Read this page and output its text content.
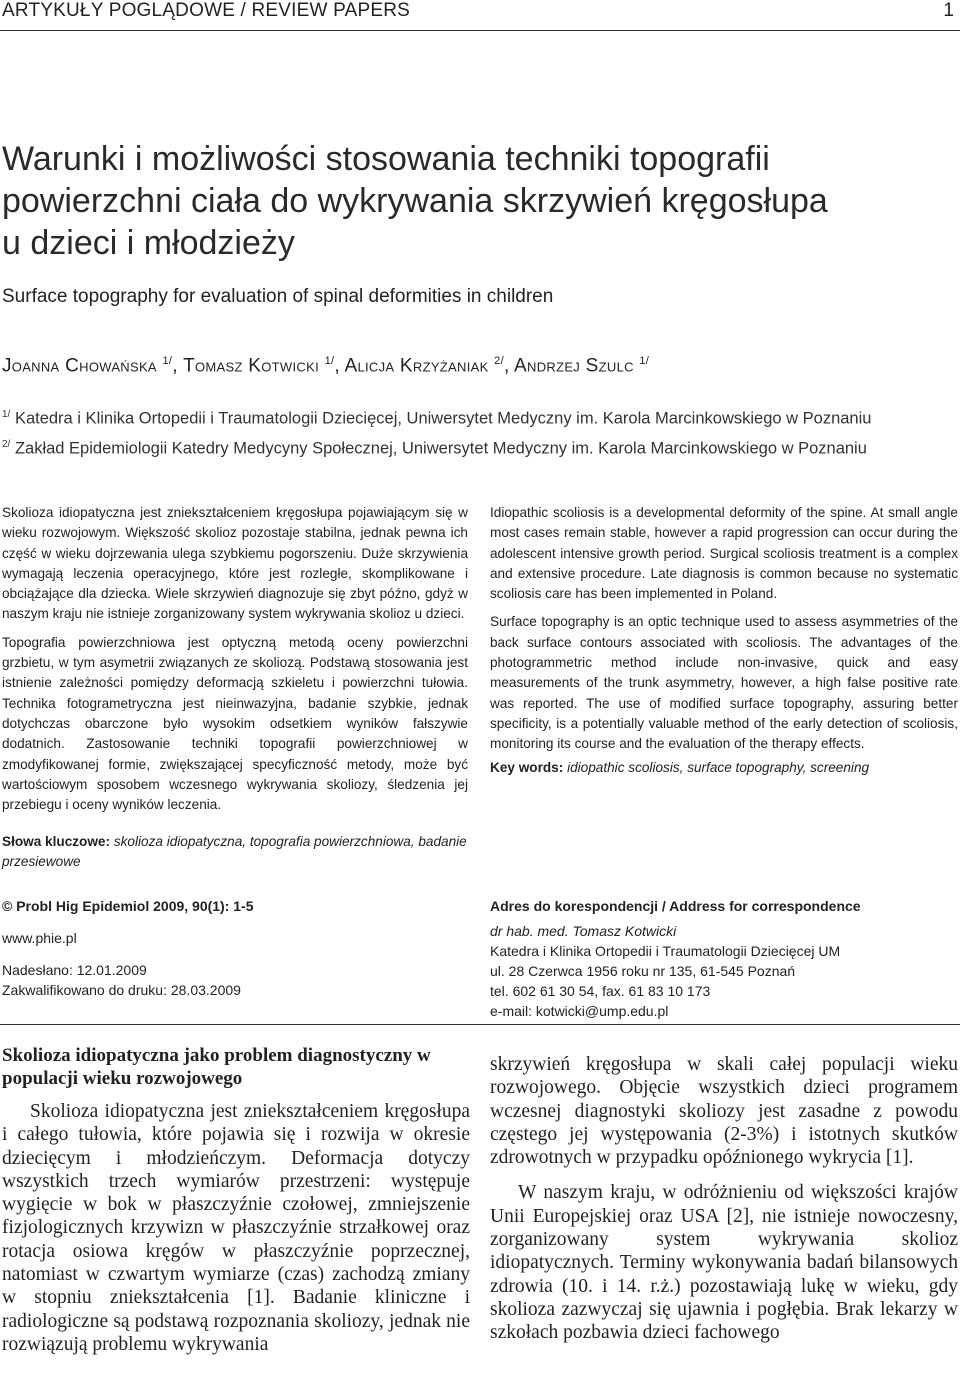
ARTYKUŁY POGLĄDOWE / REVIEW PAPERS	1
Warunki i możliwości stosowania techniki topografii
powierzchni ciała do wykrywania skrzywień kręgosłupa
u dzieci i młodzieży
Surface topography for evaluation of spinal deformities in children
Joanna Chowańska $^{1/}$, Tomasz Kotwicki $^{1/}$, Alicja Krzyżaniak $^{2/}$, Andrzej Szulc $^{1/}$
$^{1/}$ Katedra i Klinika Ortopedii i Traumatologii Dziecięcej, Uniwersytet Medyczny im. Karola Marcinkowskiego w Poznaniu
$^{2/}$ Zakład Epidemiologii Katedry Medycyny Społecznej, Uniwersytet Medyczny im. Karola Marcinkowskiego w Poznaniu

Skolioza idiopatyczna jest zniekształceniem kręgosłupa pojawiającym się w wieku rozwojowym. Większość skolioz pozostaje stabilna, jednak pewna ich część w wieku dojrzewania ulega szybkiemu pogorszeniu. Duże skrzywienia wymagają leczenia operacyjnego, które jest rozległe, skomplikowane i obciążające dla dziecka. Wiele skrzywień diagnozuje się zbyt późno, gdyż w naszym kraju nie istnieje zorganizowany system wykrywania skolioz u dzieci.

Topografia powierzchniowa jest optyczną metodą oceny powierzchni grzbietu, w tym asymetrii związanych ze skoliozą. Podstawą stosowania jest istnienie zależności pomiędzy deformacją szkieletu i powierzchni tułowia. Technika fotogrametryczna jest nieinwazyjna, badanie szybkie, jednak dotychczas obarczone było wysokim odsetkiem wyników fałszywie dodatnich. Zastosowanie techniki topografii powierzchniowej w zmodyfikowanej formie, zwiększającej specyficzność metody, może być wartościowym sposobem wczesnego wykrywania skoliozy, śledzenia jej przebiegu i oceny wyników leczenia.

Słowa kluczowe: skolioza idiopatyczna, topografia powierzchniowa, badanie przesiewowe

Idiopathic scoliosis is a developmental deformity of the spine. At small angle most cases remain stable, however a rapid progression can occur during the adolescent intensive growth period. Surgical scoliosis treatment is a complex and extensive procedure. Late diagnosis is common because no systematic scoliosis care has been implemented in Poland.

Surface topography is an optic technique used to assess asymmetries of the back surface contours associated with scoliosis. The advantages of the photogrammetric method include non-invasive, quick and easy measurements of the trunk asymmetry, however, a high false positive rate was reported. The use of modified surface topography, assuring better specificity, is a potentially valuable method of the early detection of scoliosis, monitoring its course and the evaluation of the therapy effects.

Key words: idiopathic scoliosis, surface topography, screening
© Probl Hig Epidemiol 2009, 90(1): 1-5
www.phie.pl
Nadesłano: 12.01.2009
Zakwalifikowano do druku: 28.03.2009
Adres do korespondencji / Address for correspondence
dr hab. med. Tomasz Kotwicki
Katedra i Klinika Ortopedii i Traumatologii Dziecięcej UM
ul. 28 Czerwca 1956 roku nr 135, 61-545 Poznań
tel. 602 61 30 54, fax. 61 83 10 173
e-mail: kotwicki@ump.edu.pl
Skolioza idiopatyczna jako problem diagnostyczny w populacji wieku rozwojowego

Skolioza idiopatyczna jest zniekształceniem kręgosłupa i całego tułowia, które pojawia się i rozwija w okresie dziecięcym i młodzieńczym. Deformacja dotyczy wszystkich trzech wymiarów przestrzeni: występuje wygięcie w bok w płaszczyźnie czołowej, zmniejszenie fizjologicznych krzywizn w płaszczyźnie strzałkowej oraz rotacja osiowa kręgów w płaszczyźnie poprzecznej, natomiast w czwartym wymiarze (czas) zachodzą zmiany w stopniu zniekształcenia [1]. Badanie kliniczne i radiologiczne są podstawą rozpoznania skoliozy, jednak nie rozwiązują problemu wykrywania

skrzywień kręgosłupa w skali całej populacji wieku rozwojowego. Objęcie wszystkich dzieci programem wczesnej diagnostyki skoliozy jest zasadne z powodu częstego jej występowania (2-3%) i istotnych skutków zdrowotnych w przypadku opóźnionego wykrycia [1].

W naszym kraju, w odróżnieniu od większości krajów Unii Europejskiej oraz USA [2], nie istnieje nowoczesny, zorganizowany system wykrywania skolioz idiopatycznych. Terminy wykonywania badań bilansowych zdrowia (10. i 14. r.ż.) pozostawiają lukę w wieku, gdy skolioza zazwyczaj się ujawnia i pogłębia. Brak lekarzy w szkołach pozbawia dzieci fachowego
